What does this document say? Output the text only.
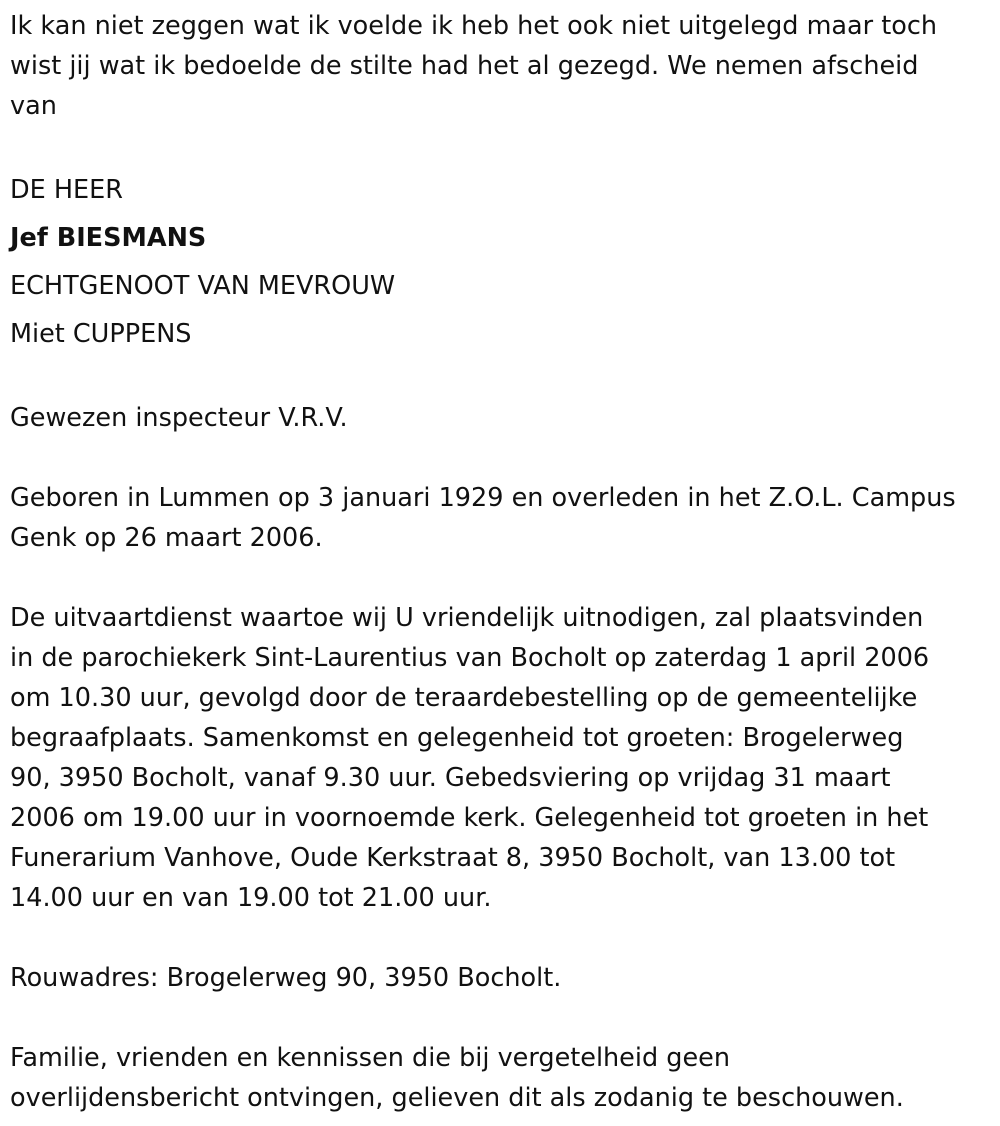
Ik kan niet zeggen wat ik voelde ik heb het ook niet uitgelegd maar toch
wist jij wat ik bedoelde de stilte had het al gezegd. We nemen afscheid
van
DE HEER
Jef BIESMANS
ECHTGENOOT VAN MEVROUW
Miet CUPPENS
Gewezen inspecteur V.R.V.
Geboren in Lummen op 3 januari 1929 en overleden in het Z.O.L. Campus
Genk op 26 maart 2006.
De uitvaartdienst waartoe wij U vriendelijk uitnodigen, zal plaatsvinden
in de parochiekerk Sint-Laurentius van Bocholt op zaterdag 1 april 2006
om 10.30 uur, gevolgd door de teraardebestelling op de gemeentelijke
begraafplaats. Samenkomst en gelegenheid tot groeten: Brogelerweg
90, 3950 Bocholt, vanaf 9.30 uur. Gebedsviering op vrijdag 31 maart
2006 om 19.00 uur in voornoemde kerk. Gelegenheid tot groeten in het
Funerarium Vanhove, Oude Kerkstraat 8, 3950 Bocholt, van 13.00 tot
14.00 uur en van 19.00 tot 21.00 uur.
Rouwadres: Brogelerweg 90, 3950 Bocholt.
Familie, vrienden en kennissen die bij vergetelheid geen
overlijdensbericht ontvingen, gelieven dit als zodanig te beschouwen.
